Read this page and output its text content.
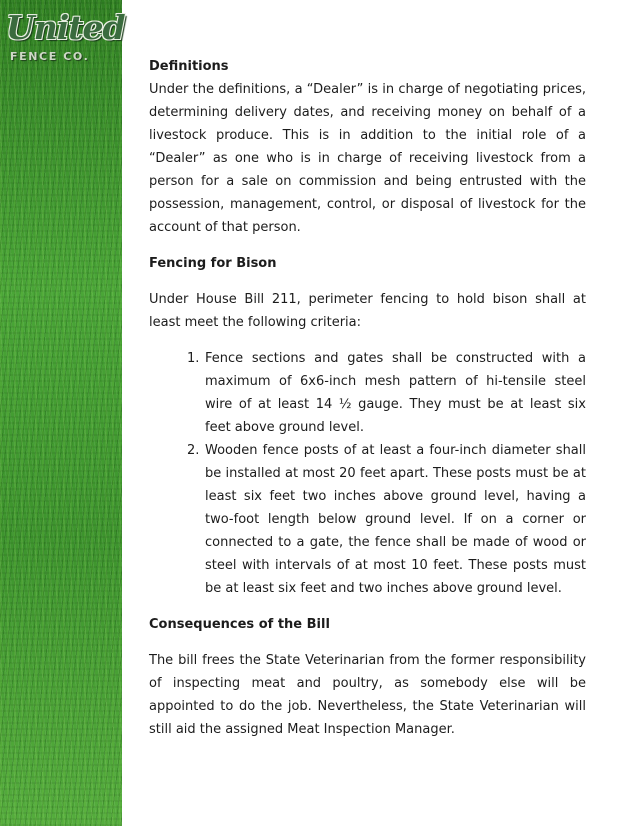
United
FENCE CO.

Definitions

Under the definitions, a “Dealer” is in charge of negotiating prices, determining delivery dates, and receiving money on behalf of a livestock produce. This is in addition to the initial role of a “Dealer” as one who is in charge of receiving livestock from a person for a sale on commission and being entrusted with the possession, management, control, or disposal of livestock for the account of that person.

Fencing for Bison

Under House Bill 211, perimeter fencing to hold bison shall at least meet the following criteria:

1. Fence sections and gates shall be constructed with a maximum of 6x6-inch mesh pattern of hi-tensile steel wire of at least 14 ½ gauge. They must be at least six feet above ground level.
2. Wooden fence posts of at least a four-inch diameter shall be installed at most 20 feet apart. These posts must be at least six feet two inches above ground level, having a two-foot length below ground level. If on a corner or connected to a gate, the fence shall be made of wood or steel with intervals of at most 10 feet. These posts must be at least six feet and two inches above ground level.

Consequences of the Bill

The bill frees the State Veterinarian from the former responsibility of inspecting meat and poultry, as somebody else will be appointed to do the job. Nevertheless, the State Veterinarian will still aid the assigned Meat Inspection Manager.
